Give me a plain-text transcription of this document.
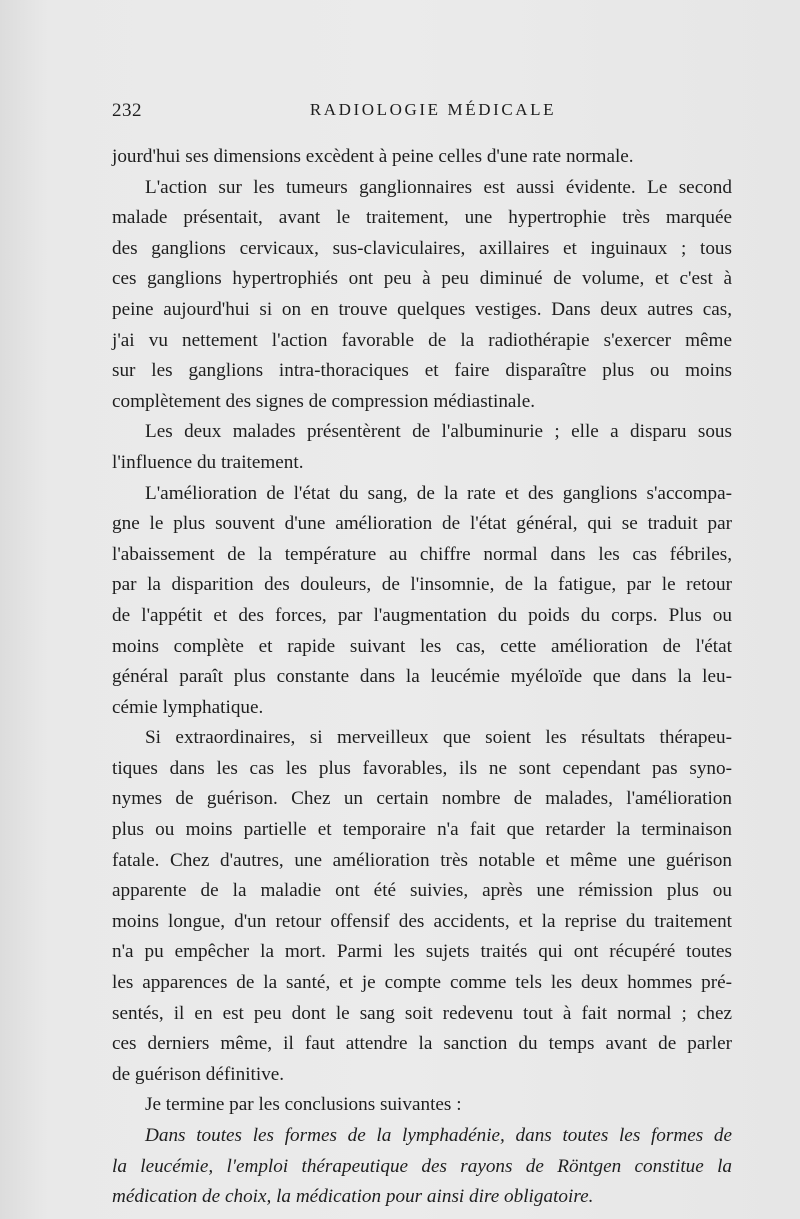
232	RADIOLOGIE MÉDICALE
jourd'hui ses dimensions excèdent à peine celles d'une rate normale.
L'action sur les tumeurs ganglionnaires est aussi évidente. Le second
malade présentait, avant le traitement, une hypertrophie très marquée
des ganglions cervicaux, sus-claviculaires, axillaires et inguinaux ; tous
ces ganglions hypertrophiés ont peu à peu diminué de volume, et c'est à
peine aujourd'hui si on en trouve quelques vestiges. Dans deux autres cas,
j'ai vu nettement l'action favorable de la radiothérapie s'exercer même
sur les ganglions intra-thoraciques et faire disparaître plus ou moins
complètement des signes de compression médiastinale.
Les deux malades présentèrent de l'albuminurie ; elle a disparu sous
l'influence du traitement.
L'amélioration de l'état du sang, de la rate et des ganglions s'accompa-
gne le plus souvent d'une amélioration de l'état général, qui se traduit par
l'abaissement de la température au chiffre normal dans les cas fébriles,
par la disparition des douleurs, de l'insomnie, de la fatigue, par le retour
de l'appétit et des forces, par l'augmentation du poids du corps. Plus ou
moins complète et rapide suivant les cas, cette amélioration de l'état
général paraît plus constante dans la leucémie myéloïde que dans la leu-
cémie lymphatique.
Si extraordinaires, si merveilleux que soient les résultats thérapeu-
tiques dans les cas les plus favorables, ils ne sont cependant pas syno-
nymes de guérison. Chez un certain nombre de malades, l'amélioration
plus ou moins partielle et temporaire n'a fait que retarder la terminaison
fatale. Chez d'autres, une amélioration très notable et même une guérison
apparente de la maladie ont été suivies, après une rémission plus ou
moins longue, d'un retour offensif des accidents, et la reprise du traitement
n'a pu empêcher la mort. Parmi les sujets traités qui ont récupéré toutes
les apparences de la santé, et je compte comme tels les deux hommes pré-
sentés, il en est peu dont le sang soit redevenu tout à fait normal ; chez
ces derniers même, il faut attendre la sanction du temps avant de parler
de guérison définitive.
Je termine par les conclusions suivantes :
Dans toutes les formes de la lymphadénie, dans toutes les formes de
la leucémie, l'emploi thérapeutique des rayons de Röntgen constitue la
médication de choix, la médication pour ainsi dire obligatoire.
